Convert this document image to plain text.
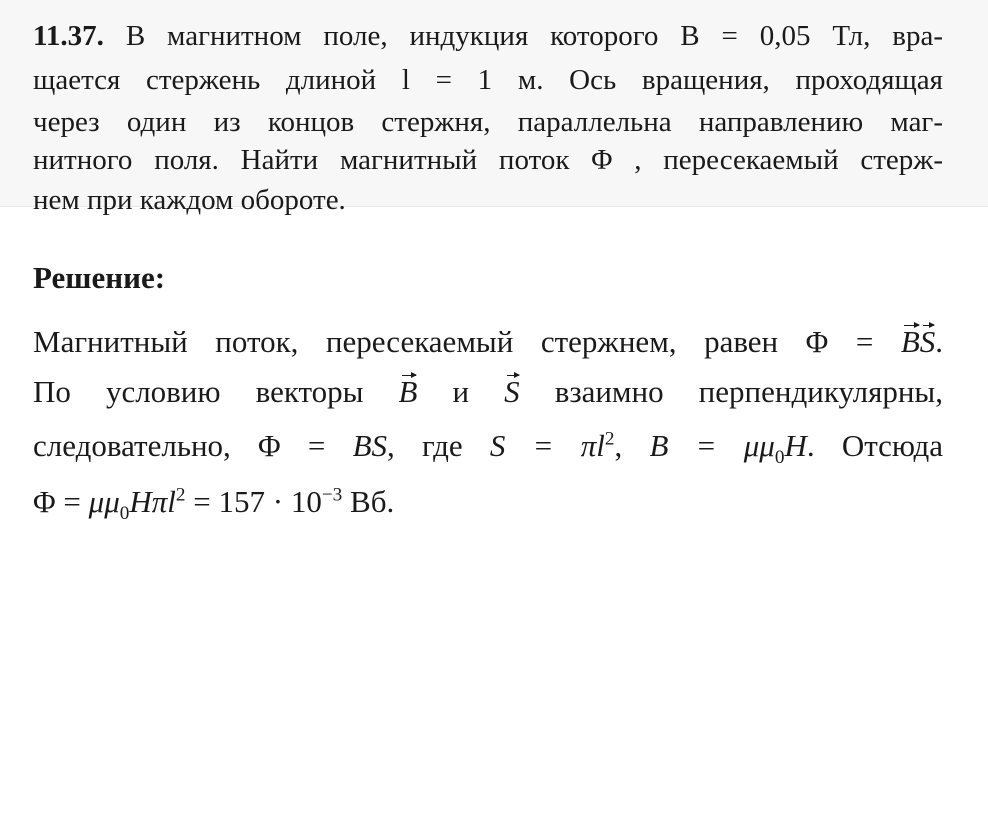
11.37. В магнитном поле, индукция которого B = 0,05 Тл, вра-
щается стержень длиной l = 1 м. Ось вращения, проходящая
через один из концов стержня, параллельна направлению маг-
нитного поля. Найти магнитный поток Φ , пересекаемый стерж-
нем при каждом обороте.
Решение:
Магнитный поток, пересекаемый стержнем, равен Φ = BS.
По условию векторы B и S взаимно перпендикулярны,
следовательно, Φ = BS, где $S = \pi l^2$, $B = \mu\mu_0H$. Отсюда
$\Phi = \mu\mu_0H\pi l^2 = 157 \cdot 10^{-3}$ Вб.
